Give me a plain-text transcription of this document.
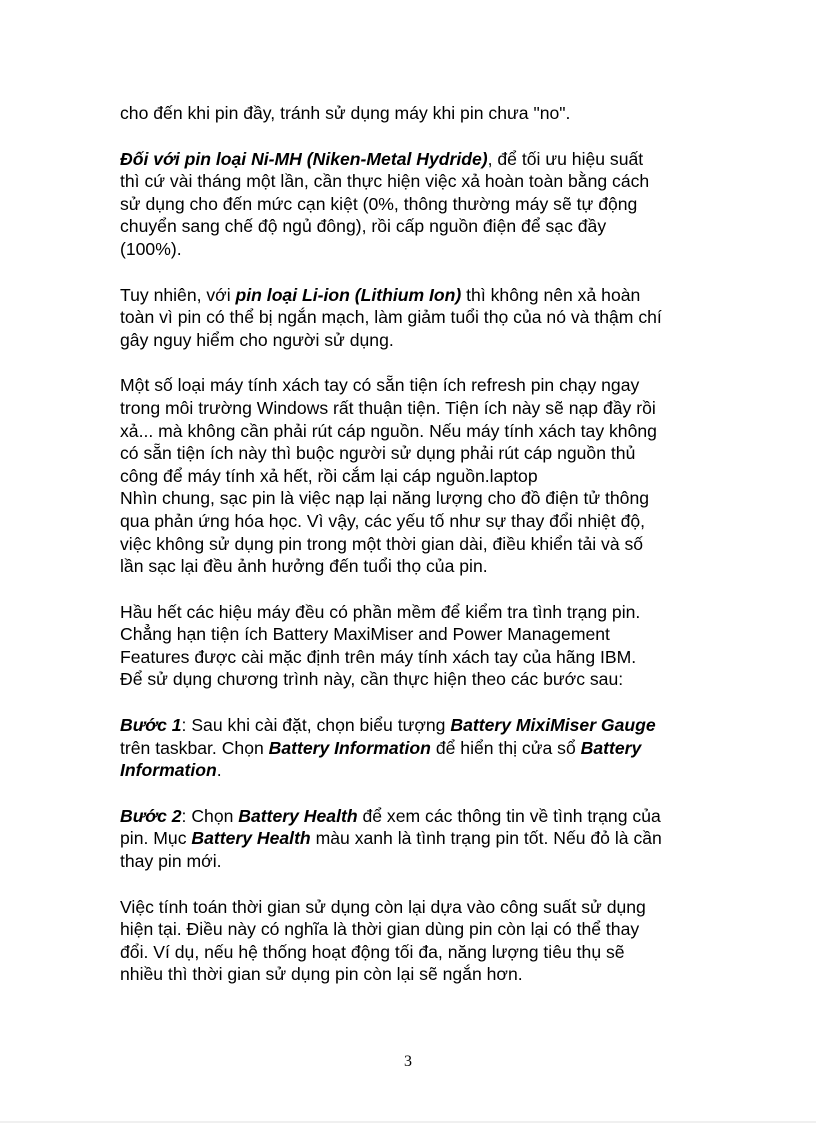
cho đến khi pin đầy, tránh sử dụng máy khi pin chưa "no".

Đối với pin loại Ni-MH (Niken-Metal Hydride), để tối ưu hiệu suất
thì cứ vài tháng một lần, cần thực hiện việc xả hoàn toàn bằng cách
sử dụng cho đến mức cạn kiệt (0%, thông thường máy sẽ tự động
chuyển sang chế độ ngủ đông), rồi cấp nguồn điện để sạc đầy
(100%).

Tuy nhiên, với pin loại Li-ion (Lithium Ion) thì không nên xả hoàn
toàn vì pin có thể bị ngắn mạch, làm giảm tuổi thọ của nó và thậm chí
gây nguy hiểm cho người sử dụng.

Một số loại máy tính xách tay có sẵn tiện ích refresh pin chạy ngay
trong môi trường Windows rất thuận tiện. Tiện ích này sẽ nạp đầy rồi
xả... mà không cần phải rút cáp nguồn. Nếu máy tính xách tay không
có sẵn tiện ích này thì buộc người sử dụng phải rút cáp nguồn thủ
công để máy tính xả hết, rồi cắm lại cáp nguồn.laptop

Nhìn chung, sạc pin là việc nạp lại năng lượng cho đồ điện tử thông
qua phản ứng hóa học. Vì vậy, các yếu tố như sự thay đổi nhiệt độ,
việc không sử dụng pin trong một thời gian dài, điều khiển tải và số
lần sạc lại đều ảnh hưởng đến tuổi thọ của pin.

Hầu hết các hiệu máy đều có phần mềm để kiểm tra tình trạng pin.
Chẳng hạn tiện ích Battery MaxiMiser and Power Management
Features được cài mặc định trên máy tính xách tay của hãng IBM.
Để sử dụng chương trình này, cần thực hiện theo các bước sau:

Bước 1: Sau khi cài đặt, chọn biểu tượng Battery MixiMiser Gauge
trên taskbar. Chọn Battery Information để hiển thị cửa sổ Battery
Information.

Bước 2: Chọn Battery Health để xem các thông tin về tình trạng của
pin. Mục Battery Health màu xanh là tình trạng pin tốt. Nếu đỏ là cần
thay pin mới.

Việc tính toán thời gian sử dụng còn lại dựa vào công suất sử dụng
hiện tại. Điều này có nghĩa là thời gian dùng pin còn lại có thể thay
đổi. Ví dụ, nếu hệ thống hoạt động tối đa, năng lượng tiêu thụ sẽ
nhiều thì thời gian sử dụng pin còn lại sẽ ngắn hơn.

3
